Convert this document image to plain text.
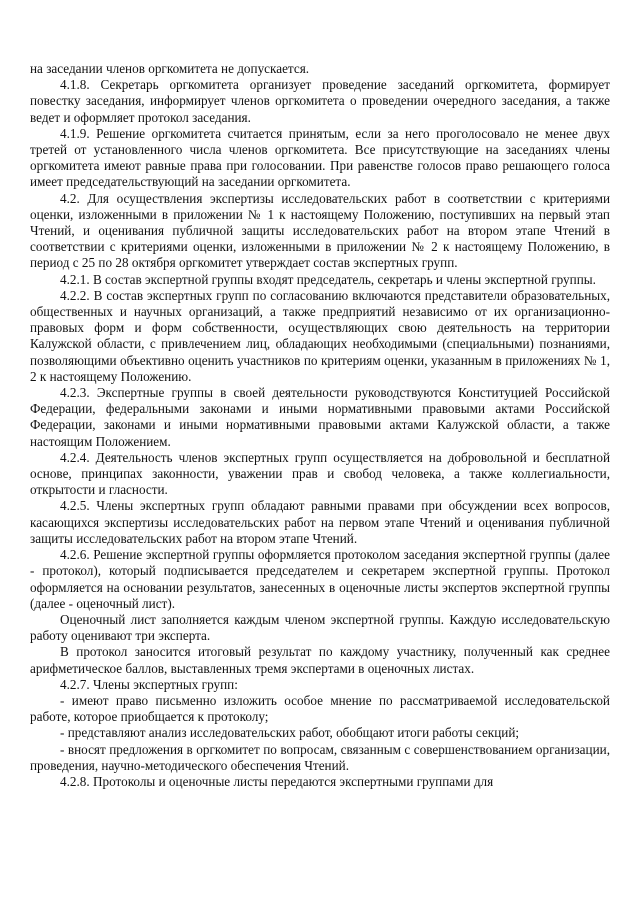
на заседании членов оргкомитета не допускается.

4.1.8. Секретарь оргкомитета организует проведение заседаний оргкомитета, формирует повестку заседания, информирует членов оргкомитета о проведении очередного заседания, а также ведет и оформляет протокол заседания.

4.1.9. Решение оргкомитета считается принятым, если за него проголосовало не менее двух третей от установленного числа членов оргкомитета. Все присутствующие на заседаниях члены оргкомитета имеют равные права при голосовании. При равенстве голосов право решающего голоса имеет председательствующий на заседании оргкомитета.

4.2. Для осуществления экспертизы исследовательских работ в соответствии с критериями оценки, изложенными в приложении № 1 к настоящему Положению, поступивших на первый этап Чтений, и оценивания публичной защиты исследовательских работ на втором этапе Чтений в соответствии с критериями оценки, изложенными в приложении № 2 к настоящему Положению, в период с 25 по 28 октября оргкомитет утверждает состав экспертных групп.

4.2.1. В состав экспертной группы входят председатель, секретарь и члены экспертной группы.

4.2.2. В состав экспертных групп по согласованию включаются представители образовательных, общественных и научных организаций, а также предприятий независимо от их организационно-правовых форм и форм собственности, осуществляющих свою деятельность на территории Калужской области, с привлечением лиц, обладающих необходимыми (специальными) познаниями, позволяющими объективно оценить участников по критериям оценки, указанным в приложениях № 1, 2 к настоящему Положению.

4.2.3. Экспертные группы в своей деятельности руководствуются Конституцией Российской Федерации, федеральными законами и иными нормативными правовыми актами Российской Федерации, законами и иными нормативными правовыми актами Калужской области, а также настоящим Положением.

4.2.4. Деятельность членов экспертных групп осуществляется на добровольной и бесплатной основе, принципах законности, уважении прав и свобод человека, а также коллегиальности, открытости и гласности.

4.2.5. Члены экспертных групп обладают равными правами при обсуждении всех вопросов, касающихся экспертизы исследовательских работ на первом этапе Чтений и оценивания публичной защиты исследовательских работ на втором этапе Чтений.

4.2.6. Решение экспертной группы оформляется протоколом заседания экспертной группы (далее - протокол), который подписывается председателем и секретарем экспертной группы. Протокол оформляется на основании результатов, занесенных в оценочные листы экспертов экспертной группы (далее - оценочный лист).

Оценочный лист заполняется каждым членом экспертной группы. Каждую исследовательскую работу оценивают три эксперта.

В протокол заносится итоговый результат по каждому участнику, полученный как среднее арифметическое баллов, выставленных тремя экспертами в оценочных листах.

4.2.7. Члены экспертных групп:

- имеют право письменно изложить особое мнение по рассматриваемой исследовательской работе, которое приобщается к протоколу;

- представляют анализ исследовательских работ, обобщают итоги работы секций;

- вносят предложения в оргкомитет по вопросам, связанным с совершенствованием организации, проведения, научно-методического обеспечения Чтений.

4.2.8. Протоколы и оценочные листы передаются экспертными группами для
